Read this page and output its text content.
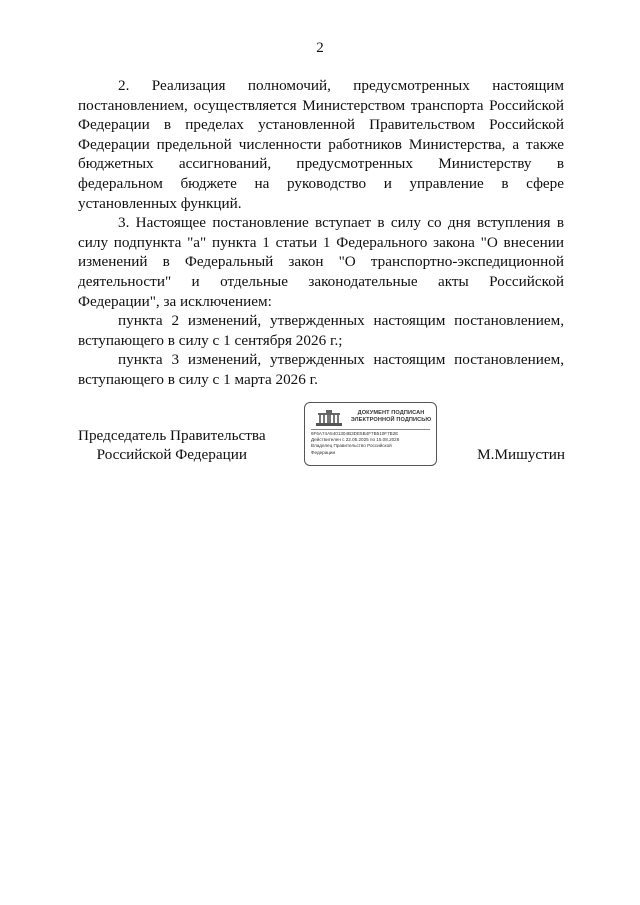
2

2. Реализация полномочий, предусмотренных настоящим постановлением, осуществляется Министерством транспорта Российской Федерации в пределах установленной Правительством Российской Федерации предельной численности работников Министерства, а также бюджетных ассигнований, предусмотренных Министерству в федеральном бюджете на руководство и управление в сфере установленных функций.

3. Настоящее постановление вступает в силу со дня вступления в силу подпункта "а" пункта 1 статьи 1 Федерального закона "О внесении изменений в Федеральный закон "О транспортно-экспедиционной деятельности" и отдельные законодательные акты Российской Федерации", за исключением:

пункта 2 изменений, утвержденных настоящим постановлением, вступающего в силу с 1 сентября 2026 г.;

пункта 3 изменений, утвержденных настоящим постановлением, вступающего в силу с 1 марта 2026 г.

Председатель Правительства
Российской Федерации
ДОКУМЕНТ ПОДПИСАН
ЭЛЕКТРОННОЙ ПОДПИСЬЮ
6F6A74A5401304B3DE5B4F7B510F7B2E
Действителен с 22.05.2025 по 15.08.2026
Владелец Правительство Российской
Федерации	М.Мишустин
